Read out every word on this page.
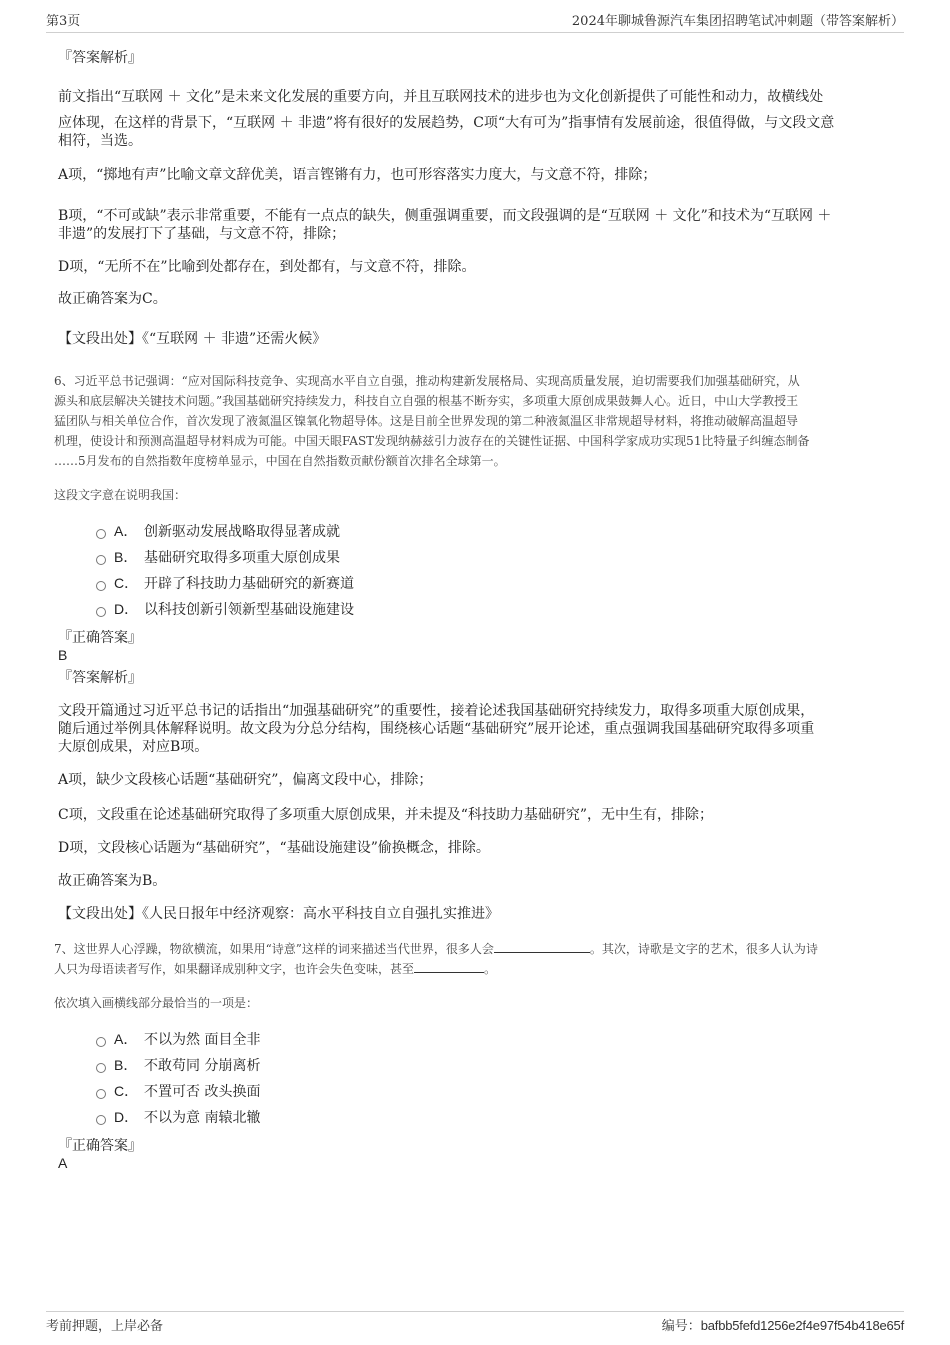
第3页	2024年聊城鲁源汽车集团招聘笔试冲刺题（带答案解析）
『答案解析』
前文指出“互联网 ＋ 文化”是未来文化发展的重要方向，并且互联网技术的进步也为文化创新提供了可能性和动力，故横线处
应体现，在这样的背景下，“互联网 ＋ 非遗”将有很好的发展趋势，C项“大有可为”指事情有发展前途，很值得做，与文段文意
相符，当选。
A项，“掷地有声”比喻文章文辞优美，语言铿锵有力，也可形容落实力度大，与文意不符，排除；
B项，“不可或缺”表示非常重要，不能有一点点的缺失，侧重强调重要，而文段强调的是“互联网 ＋ 文化”和技术为“互联网 ＋
非遗”的发展打下了基础，与文意不符，排除；
D项，“无所不在”比喻到处都存在，到处都有，与文意不符，排除。
故正确答案为C。
【文段出处】《“互联网 ＋ 非遗”还需火候》
6、习近平总书记强调：“应对国际科技竞争、实现高水平自立自强，推动构建新发展格局、实现高质量发展，迫切需要我们加强基础研究，从
源头和底层解决关键技术问题。”我国基础研究持续发力，科技自立自强的根基不断夯实，多项重大原创成果鼓舞人心。近日，中山大学教授王
猛团队与相关单位合作，首次发现了液氮温区镍氧化物超导体。这是目前全世界发现的第二种液氮温区非常规超导材料，将推动破解高温超导
机理，使设计和预测高温超导材料成为可能。中国天眼FAST发现纳赫兹引力波存在的关键性证据、中国科学家成功实现51比特量子纠缠态制备
……5月发布的自然指数年度榜单显示，中国在自然指数贡献份额首次排名全球第一。
这段文字意在说明我国：
A． 创新驱动发展战略取得显著成就
B． 基础研究取得多项重大原创成果
C． 开辟了科技助力基础研究的新赛道
D． 以科技创新引领新型基础设施建设
『正确答案』
B
『答案解析』
文段开篇通过习近平总书记的话指出“加强基础研究”的重要性，接着论述我国基础研究持续发力，取得多项重大原创成果，
随后通过举例具体解释说明。故文段为分总分结构，围绕核心话题“基础研究”展开论述，重点强调我国基础研究取得多项重
大原创成果，对应B项。
A项，缺少文段核心话题“基础研究”，偏离文段中心，排除；
C项，文段重在论述基础研究取得了多项重大原创成果，并未提及“科技助力基础研究”，无中生有，排除；
D项，文段核心话题为“基础研究”，“基础设施建设”偷换概念，排除。
故正确答案为B。
【文段出处】《人民日报年中经济观察：高水平科技自立自强扎实推进》
7、这世界人心浮躁，物欲横流，如果用“诗意”这样的词来描述当代世界，很多人会	。其次，诗歌是文字的艺术，很多人认为诗
人只为母语读者写作，如果翻译成别种文字，也许会失色变味，甚至	。
依次填入画横线部分最恰当的一项是：
A． 不以为然 面目全非
B． 不敢苟同 分崩离析
C． 不置可否 改头换面
D． 不以为意 南辕北辙
『正确答案』
A
考前押题，上岸必备	编号：bafbb5fefd1256e2f4e97f54b418e65f
